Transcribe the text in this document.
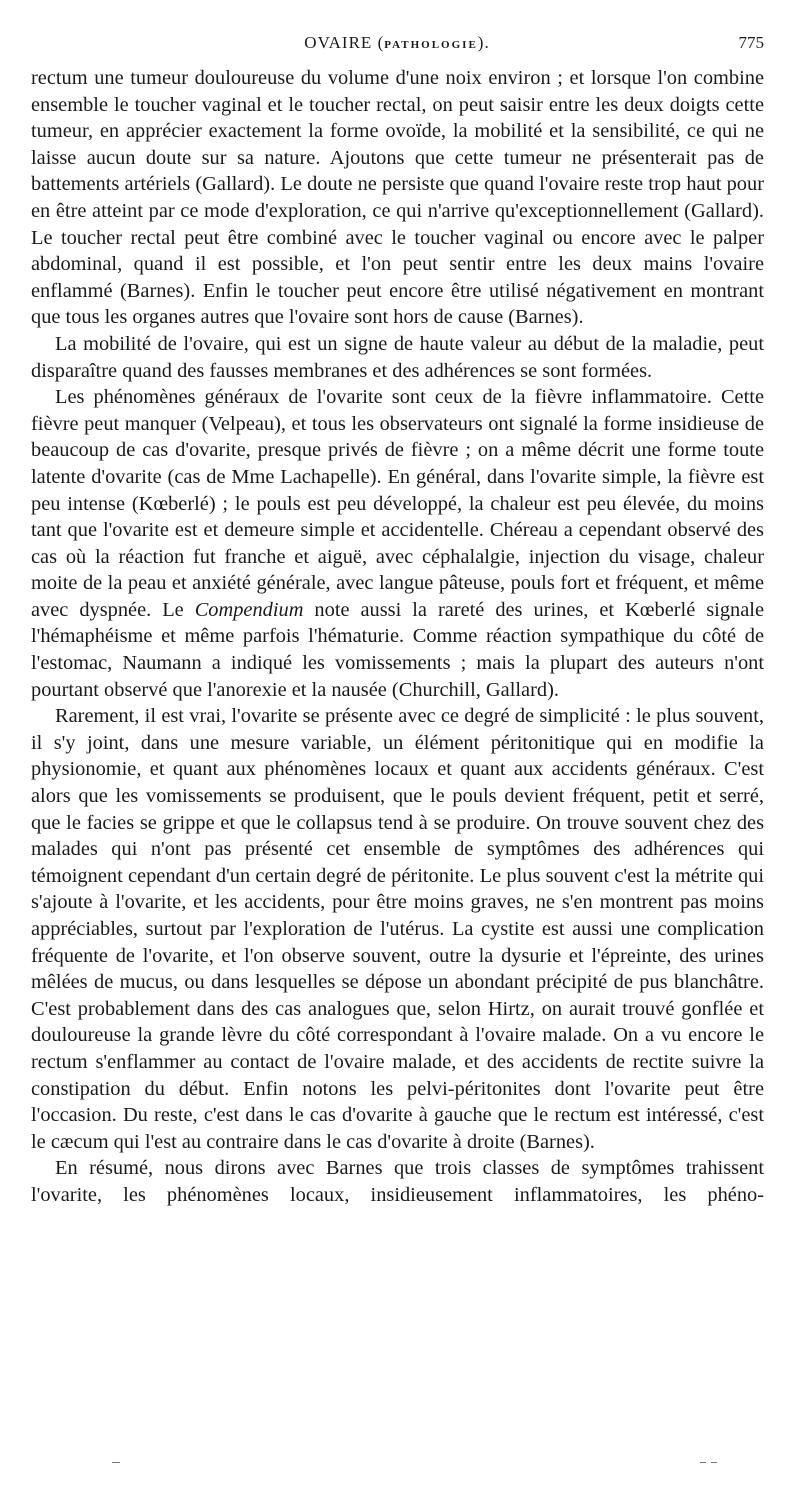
OVAIRE (PATHOLOGIE).	775

rectum une tumeur douloureuse du volume d'une noix environ ; et lorsque l'on combine ensemble le toucher vaginal et le toucher rectal, on peut saisir entre les deux doigts cette tumeur, en apprécier exactement la forme ovoïde, la mobilité et la sensibilité, ce qui ne laisse aucun doute sur sa nature. Ajoutons que cette tumeur ne présenterait pas de battements artériels (Gallard). Le doute ne persiste que quand l'ovaire reste trop haut pour en être atteint par ce mode d'exploration, ce qui n'arrive qu'exceptionnellement (Gallard). Le toucher rectal peut être combiné avec le toucher vaginal ou encore avec le palper abdominal, quand il est possible, et l'on peut sentir entre les deux mains l'ovaire enflammé (Barnes). Enfin le toucher peut encore être utilisé négativement en montrant que tous les organes autres que l'ovaire sont hors de cause (Barnes).

La mobilité de l'ovaire, qui est un signe de haute valeur au début de la maladie, peut disparaître quand des fausses membranes et des adhérences se sont formées.

Les phénomènes généraux de l'ovarite sont ceux de la fièvre inflammatoire. Cette fièvre peut manquer (Velpeau), et tous les observateurs ont signalé la forme insidieuse de beaucoup de cas d'ovarite, presque privés de fièvre ; on a même décrit une forme toute latente d'ovarite (cas de Mme Lachapelle). En général, dans l'ovarite simple, la fièvre est peu intense (Kœberlé) ; le pouls est peu développé, la chaleur est peu élevée, du moins tant que l'ovarite est et demeure simple et accidentelle. Chéreau a cependant observé des cas où la réaction fut franche et aiguë, avec céphalalgie, injection du visage, chaleur moite de la peau et anxiété générale, avec langue pâteuse, pouls fort et fréquent, et même avec dyspnée. Le Compendium note aussi la rareté des urines, et Kœberlé signale l'hémaphéisme et même parfois l'hématurie. Comme réaction sympathique du côté de l'estomac, Naumann a indiqué les vomissements ; mais la plupart des auteurs n'ont pourtant observé que l'anorexie et la nausée (Churchill, Gallard).

Rarement, il est vrai, l'ovarite se présente avec ce degré de simplicité : le plus souvent, il s'y joint, dans une mesure variable, un élément péritonitique qui en modifie la physionomie, et quant aux phénomènes locaux et quant aux accidents généraux. C'est alors que les vomissements se produisent, que le pouls devient fréquent, petit et serré, que le facies se grippe et que le collapsus tend à se produire. On trouve souvent chez des malades qui n'ont pas présenté cet ensemble de symptômes des adhérences qui témoignent cependant d'un certain degré de péritonite. Le plus souvent c'est la métrite qui s'ajoute à l'ovarite, et les accidents, pour être moins graves, ne s'en montrent pas moins appréciables, surtout par l'exploration de l'utérus. La cystite est aussi une complication fréquente de l'ovarite, et l'on observe souvent, outre la dysurie et l'épreinte, des urines mêlées de mucus, ou dans lesquelles se dépose un abondant précipité de pus blanchâtre. C'est probablement dans des cas analogues que, selon Hirtz, on aurait trouvé gonflée et douloureuse la grande lèvre du côté correspondant à l'ovaire malade. On a vu encore le rectum s'enflammer au contact de l'ovaire malade, et des accidents de rectite suivre la constipation du début. Enfin notons les pelvi-péritonites dont l'ovarite peut être l'occasion. Du reste, c'est dans le cas d'ovarite à gauche que le rectum est intéressé, c'est le cæcum qui l'est au contraire dans le cas d'ovarite à droite (Barnes).

En résumé, nous dirons avec Barnes que trois classes de symptômes trahissent l'ovarite, les phénomènes locaux, insidieusement inflammatoires, les phéno-
